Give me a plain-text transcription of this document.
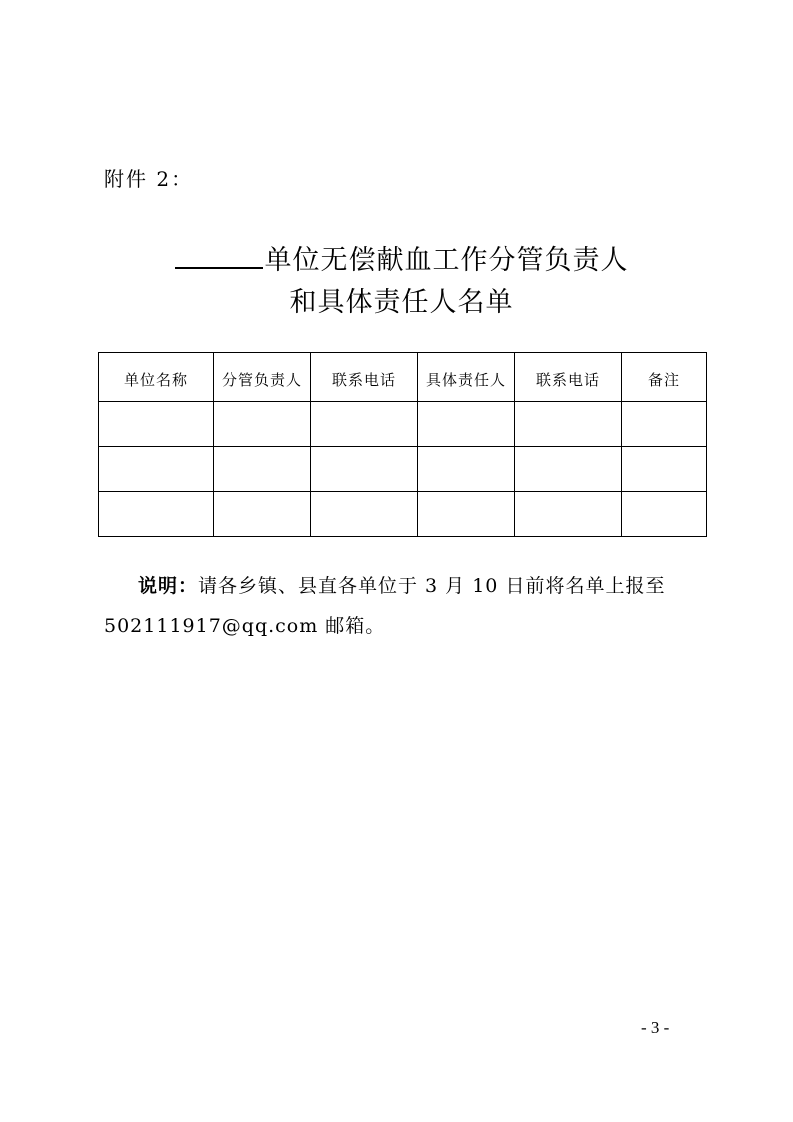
附件 2：
单位无偿献血工作分管负责人
和具体责任人名单
单位名称	分管负责人	联系电话	具体责任人	联系电话	备注

说明：请各乡镇、县直各单位于 3 月 10 日前将名单上报至
502111917@qq.com 邮箱。
- 3 -
